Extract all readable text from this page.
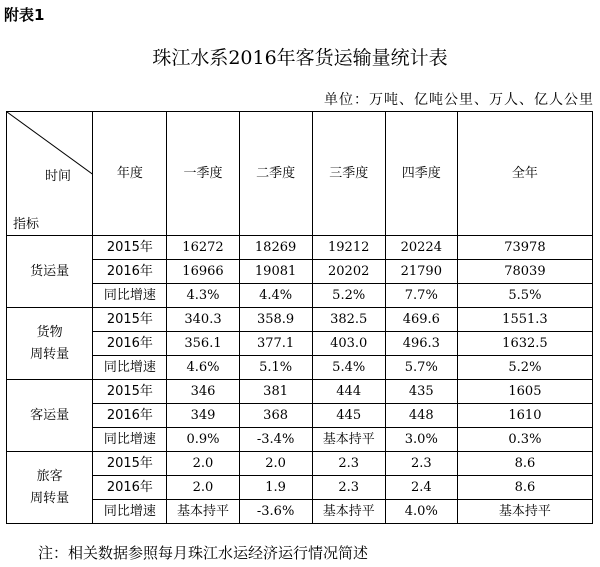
附表1
珠江水系2016年客货运输量统计表
单位：万吨、亿吨公里、万人、亿人公里
时间
指标	年度	一季度	二季度	三季度	四季度	全年

货运量	2015年	16272	18269	19212	20224	73978
	2016年	16966	19081	20202	21790	78039
	同比增速	4.3%	4.4%	5.2%	7.7%	5.5%

货物
周转量	2015年	340.3	358.9	382.5	469.6	1551.3
	2016年	356.1	377.1	403.0	496.3	1632.5
	同比增速	4.6%	5.1%	5.4%	5.7%	5.2%

客运量	2015年	346	381	444	435	1605
	2016年	349	368	445	448	1610
	同比增速	0.9%	-3.4%	基本持平	3.0%	0.3%

旅客
周转量	2015年	2.0	2.0	2.3	2.3	8.6
	2016年	2.0	1.9	2.3	2.4	8.6
	同比增速	基本持平	-3.6%	基本持平	4.0%	基本持平
注：相关数据参照每月珠江水运经济运行情况简述
